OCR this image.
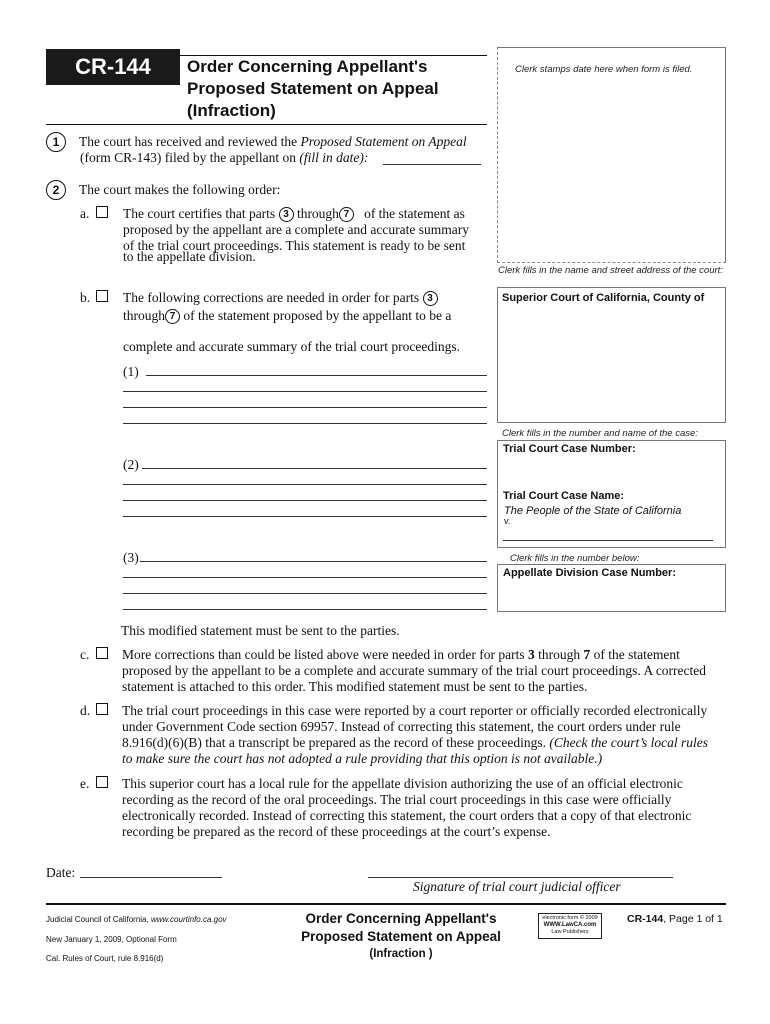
CR-144	Order Concerning Appellant's
Proposed Statement on Appeal
(Infraction)
Clerk stamps date here when form is filed.
Clerk fills in the name and street address of the court:
Superior Court of California, County of
Clerk fills in the number and name of the case:
Trial Court Case Number:
Trial Court Case Name:
The People of the State of California
v.
Clerk fills in the number below:
Appellate Division Case Number:
1	The court has received and reviewed the Proposed Statement on Appeal
(form CR-143) filed by the appellant on (fill in date):
2	The court makes the following order:
a. The court certifies that parts 3 through 7 of the statement as
proposed by the appellant are a complete and accurate summary
of the trial court proceedings. This statement is ready to be sent
to the appellate division.
b. The following corrections are needed in order for parts 3
through 7 of the statement proposed by the appellant to be a
complete and accurate summary of the trial court proceedings.
(1)
(2)
(3)
This modified statement must be sent to the parties.
c. More corrections than could be listed above were needed in order for parts 3 through 7 of the statement
proposed by the appellant to be a complete and accurate summary of the trial court proceedings. A corrected
statement is attached to this order. This modified statement must be sent to the parties.
d. The trial court proceedings in this case were reported by a court reporter or officially recorded electronically
under Government Code section 69957. Instead of correcting this statement, the court orders under rule
8.916(d)(6)(B) that a transcript be prepared as the record of these proceedings. (Check the court’s local rules
to make sure the court has not adopted a rule providing that this option is not available.)
e. This superior court has a local rule for the appellate division authorizing the use of an official electronic
recording as the record of the oral proceedings. The trial court proceedings in this case were officially
electronically recorded. Instead of correcting this statement, the court orders that a copy of that electronic
recording be prepared as the record of these proceedings at the court’s expense.
Date:
Signature of trial court judicial officer
Judicial Council of California, www.courtinfo.ca.gov
New January 1, 2009, Optional Form
Cal. Rules of Court, rule 8.916(d)
Order Concerning Appellant's
Proposed Statement on Appeal
(Infraction )
electronic form © 2009
WWW.LawCA.com
Law Publishers
CR-144, Page 1 of 1
